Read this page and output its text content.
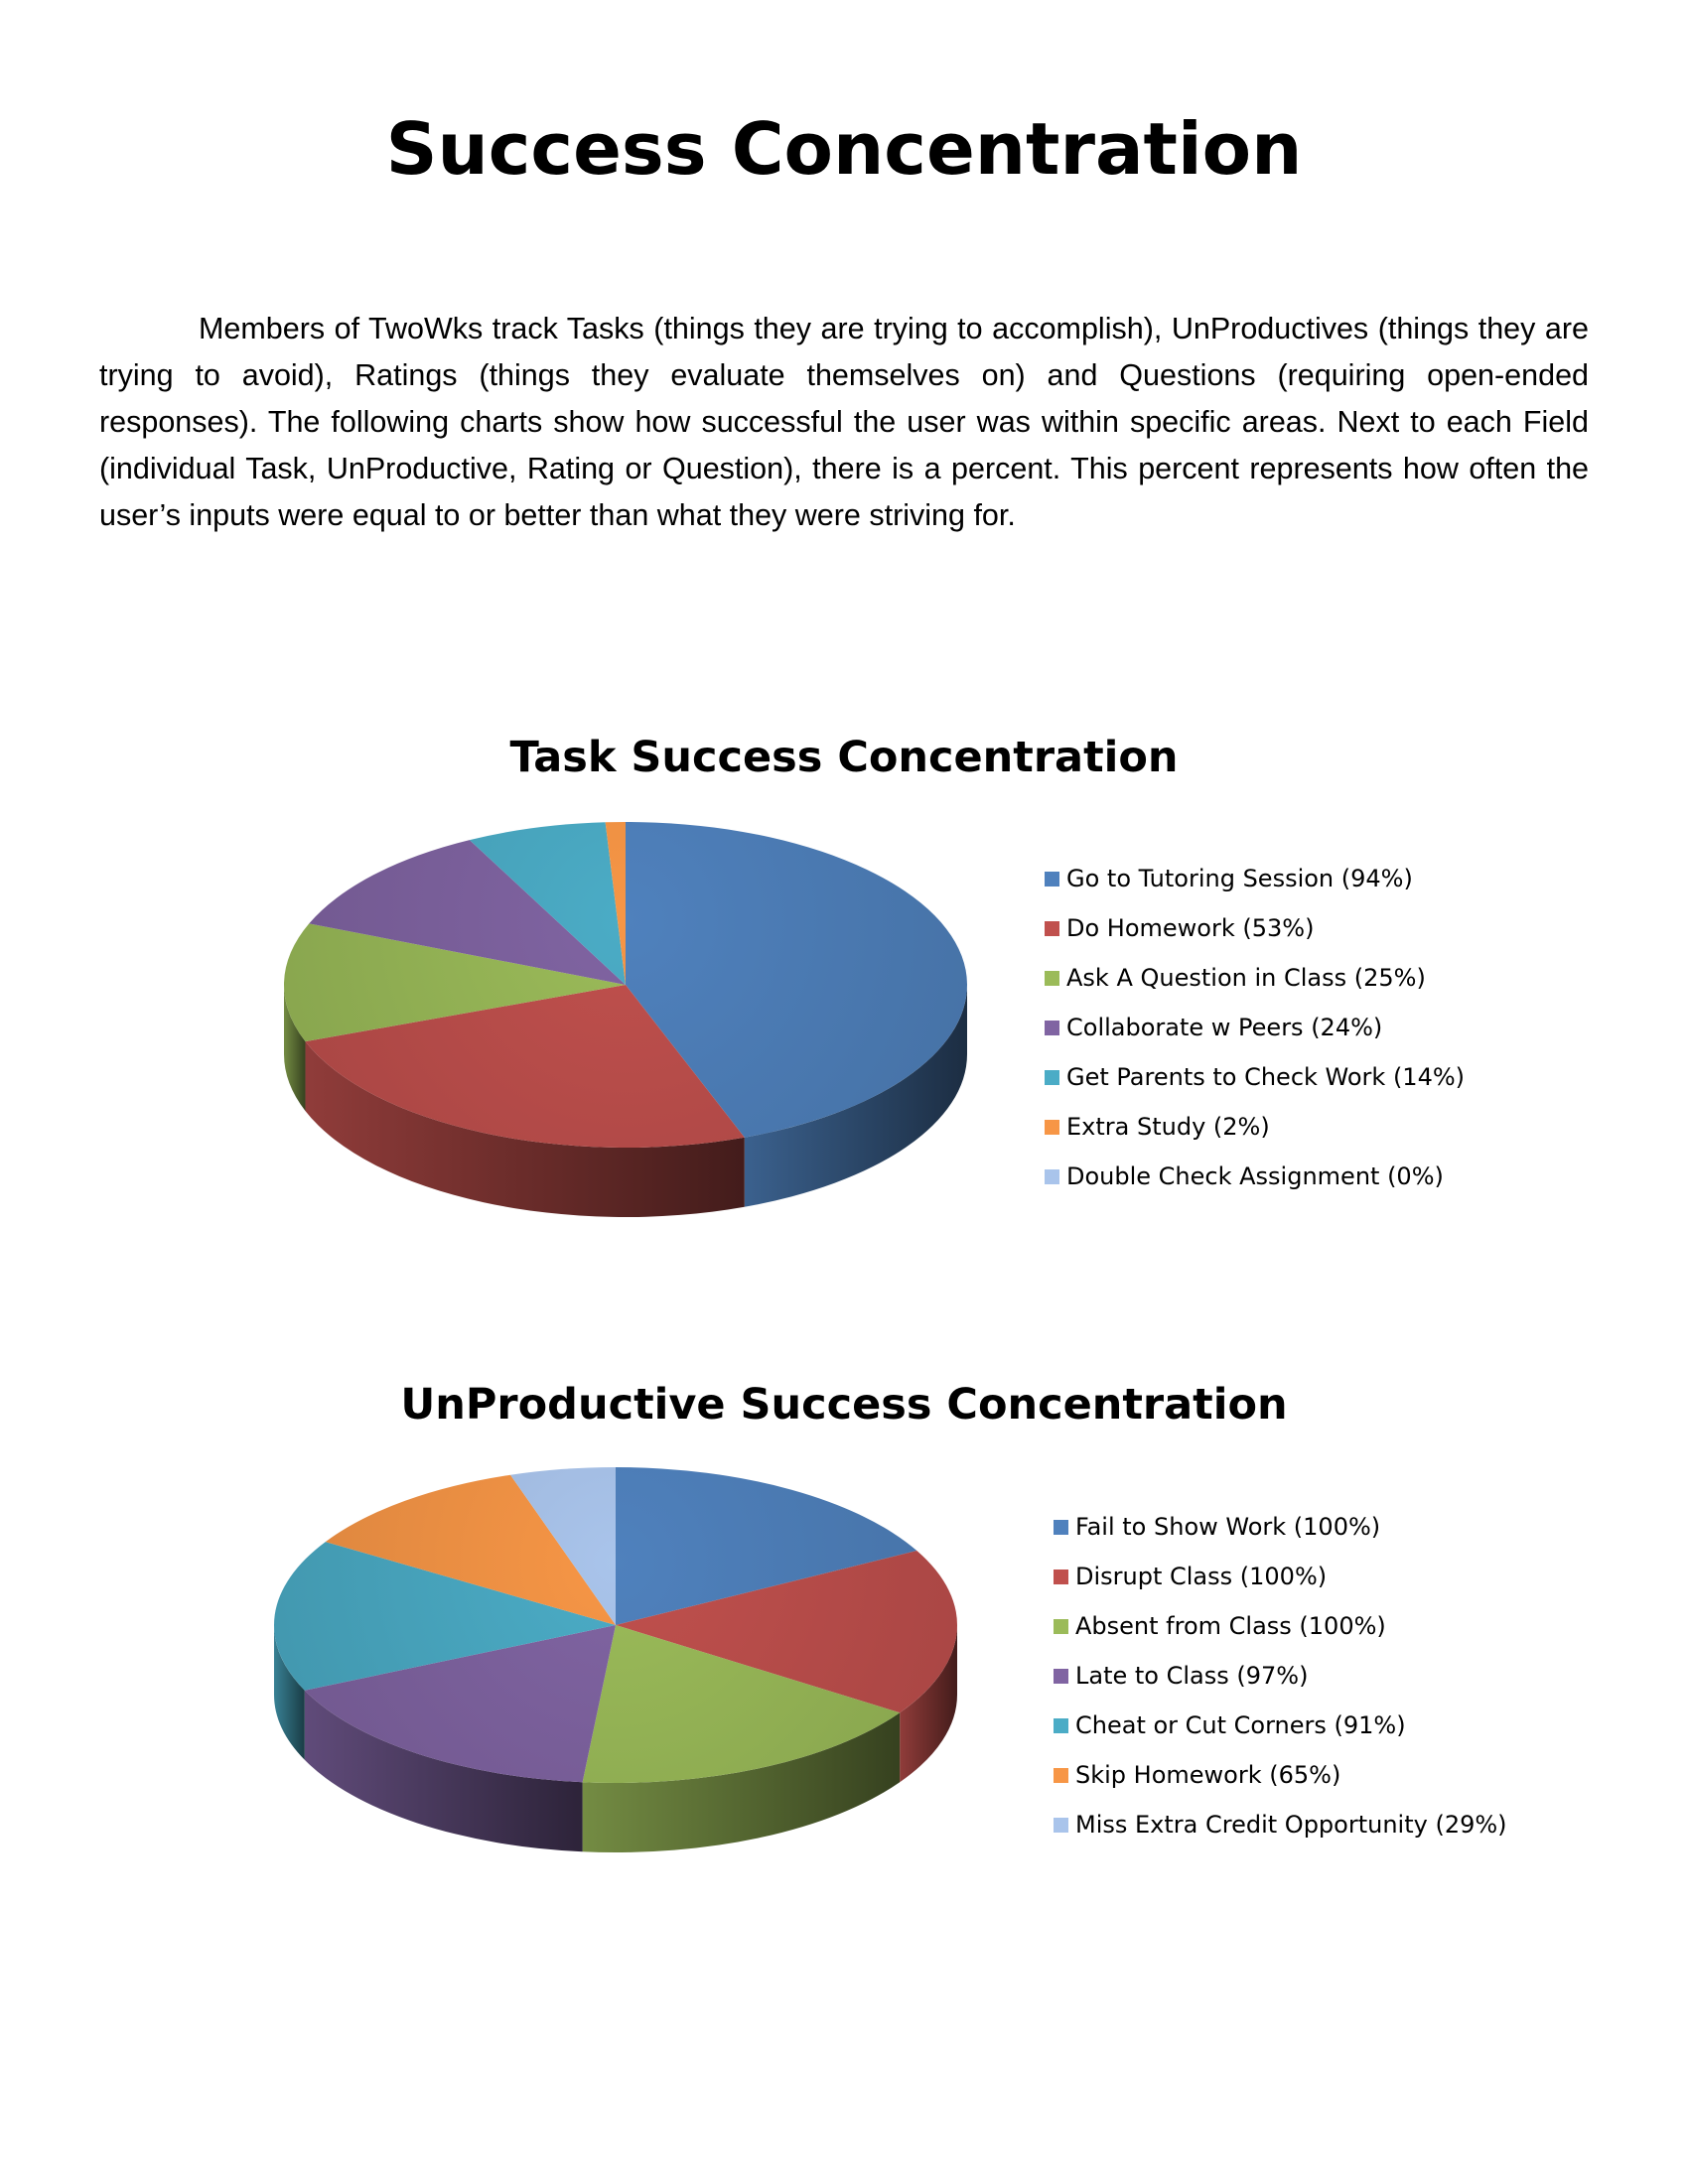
Success Concentration

Members of TwoWks track Tasks (things they are trying to accomplish), UnProductives (things they are trying to avoid), Ratings (things they evaluate themselves on) and Questions (requiring open-ended responses). The following charts show how successful the user was within specific areas. Next to each Field (individual Task, UnProductive, Rating or Question), there is a percent. This percent represents how often the user’s inputs were equal to or better than what they were striving for.

Task Success Concentration
Go to Tutoring Session (94%)
Do Homework (53%)
Ask A Question in Class (25%)
Collaborate w Peers (24%)
Get Parents to Check Work (14%)
Extra Study (2%)
Double Check Assignment (0%)
UnProductive Success Concentration
Fail to Show Work (100%)
Disrupt Class (100%)
Absent from Class (100%)
Late to Class (97%)
Cheat or Cut Corners (91%)
Skip Homework (65%)
Miss Extra Credit Opportunity (29%)
